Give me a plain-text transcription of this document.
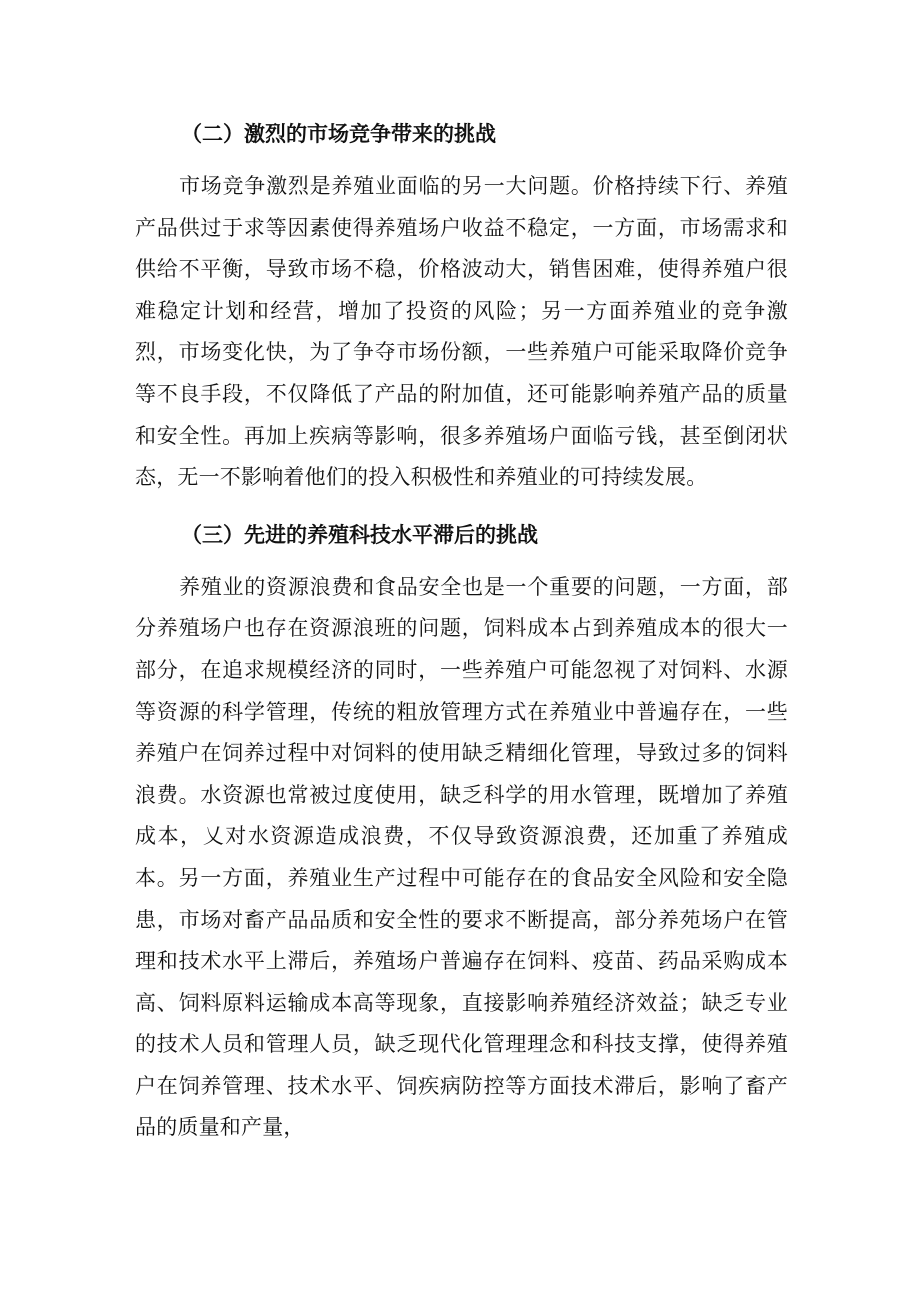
（二）激烈的市场竞争带来的挑战

市场竞争激烈是养殖业面临的另一大问题。价格持续下行、养殖产品供过于求等因素使得养殖场户收益不稳定，一方面，市场需求和供给不平衡，导致市场不稳，价格波动大，销售困难，使得养殖户很难稳定计划和经营，增加了投资的风险；另一方面养殖业的竞争激烈，市场变化快，为了争夺市场份额，一些养殖户可能采取降价竞争等不良手段，不仅降低了产品的附加值，还可能影响养殖产品的质量和安全性。再加上疾病等影响，很多养殖场户面临亏钱，甚至倒闭状态，无一不影响着他们的投入积极性和养殖业的可持续发展。

（三）先进的养殖科技水平滞后的挑战

养殖业的资源浪费和食品安全也是一个重要的问题，一方面，部分养殖场户也存在资源浪班的问题，饲料成本占到养殖成本的很大一部分，在追求规模经济的同时，一些养殖户可能忽视了对饲料、水源等资源的科学管理，传统的粗放管理方式在养殖业中普遍存在，一些养殖户在饲养过程中对饲料的使用缺乏精细化管理，导致过多的饲料浪费。水资源也常被过度使用，缺乏科学的用水管理，既增加了养殖成本，乂对水资源造成浪费，不仅导致资源浪费，还加重了养殖成本。另一方面，养殖业生产过程中可能存在的食品安全风险和安全隐患，市场对畜产品品质和安全性的要求不断提高，部分养苑场户在管理和技术水平上滞后，养殖场户普遍存在饲料、疫苗、药品采购成本高、饲料原料运输成本高等现象，直接影响养殖经济效益；缺乏专业的技术人员和管理人员，缺乏现代化管理理念和科技支撑，使得养殖户在饲养管理、技术水平、饲疾病防控等方面技术滞后，影响了畜产品的质量和产量，
